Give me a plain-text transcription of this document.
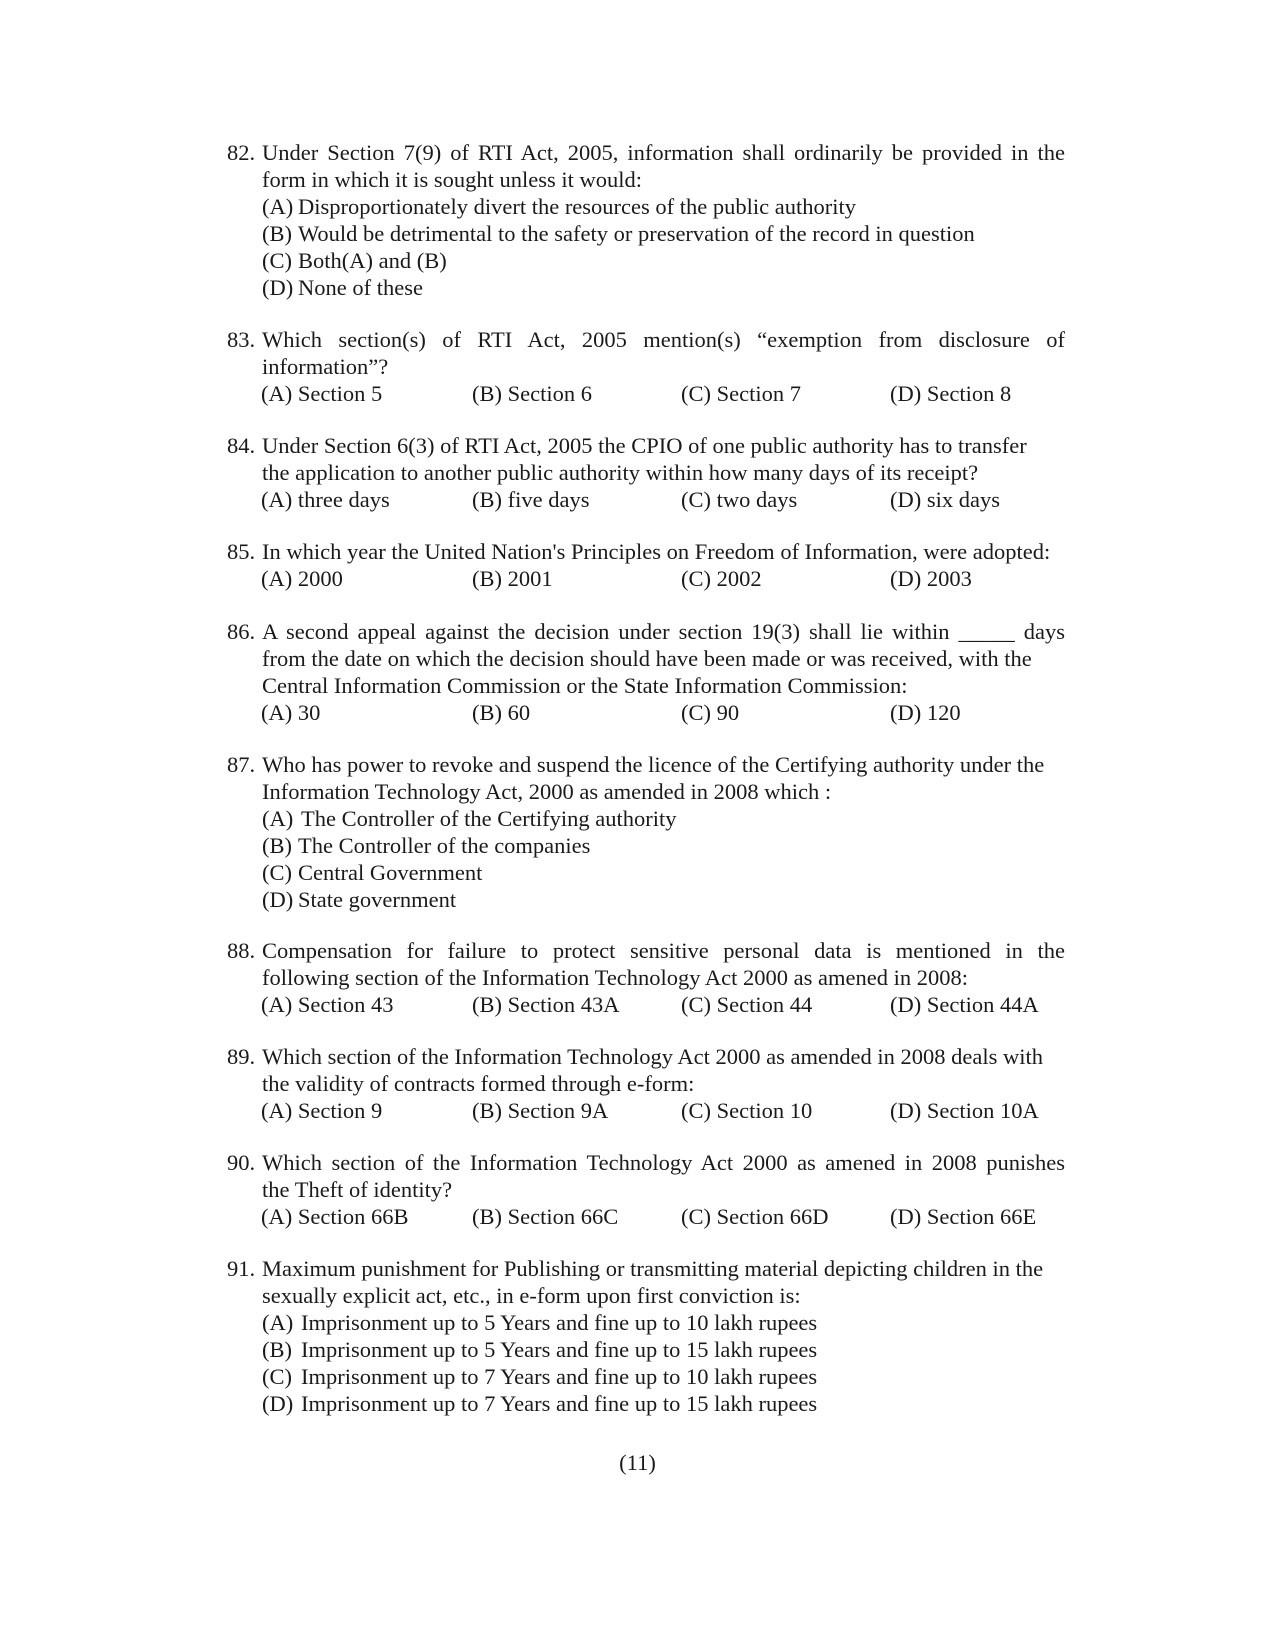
82. Under Section 7(9) of RTI Act, 2005, information shall ordinarily be provided in the
form in which it is sought unless it would:
(A) Disproportionately divert the resources of the public authority
(B) Would be detrimental to the safety or preservation of the record in question
(C) Both(A) and (B)
(D) None of these
83. Which section(s) of RTI Act, 2005 mention(s) “exemption from disclosure of
information”?
(A) Section 5	(B) Section 6	(C) Section 7	(D) Section 8
84. Under Section 6(3) of RTI Act, 2005 the CPIO of one public authority has to transfer
the application to another public authority within how many days of its receipt?
(A) three days	(B) five days	(C) two days	(D) six days
85. In which year the United Nation's Principles on Freedom of Information, were adopted:
(A) 2000	(B) 2001	(C) 2002	(D) 2003
86. A second appeal against the decision under section 19(3) shall lie within _____ days
from the date on which the decision should have been made or was received, with the
Central Information Commission or the State Information Commission:
(A) 30	(B) 60	(C) 90	(D) 120
87. Who has power to revoke and suspend the licence of the Certifying authority under the
Information Technology Act, 2000 as amended in 2008 which :
(A) The Controller of the Certifying authority
(B) The Controller of the companies
(C) Central Government
(D) State government
88. Compensation for failure to protect sensitive personal data is mentioned in the
following section of the Information Technology Act 2000 as amened in 2008:
(A) Section 43	(B) Section 43A	(C) Section 44	(D) Section 44A
89. Which section of the Information Technology Act 2000 as amended in 2008 deals with
the validity of contracts formed through e-form:
(A) Section 9	(B) Section 9A	(C) Section 10	(D) Section 10A
90. Which section of the Information Technology Act 2000 as amened in 2008 punishes
the Theft of identity?
(A) Section 66B	(B) Section 66C	(C) Section 66D	(D) Section 66E
91. Maximum punishment for Publishing or transmitting material depicting children in the
sexually explicit act, etc., in e-form upon first conviction is:
(A) Imprisonment up to 5 Years and fine up to 10 lakh rupees
(B) Imprisonment up to 5 Years and fine up to 15 lakh rupees
(C) Imprisonment up to 7 Years and fine up to 10 lakh rupees
(D) Imprisonment up to 7 Years and fine up to 15 lakh rupees
(11)
